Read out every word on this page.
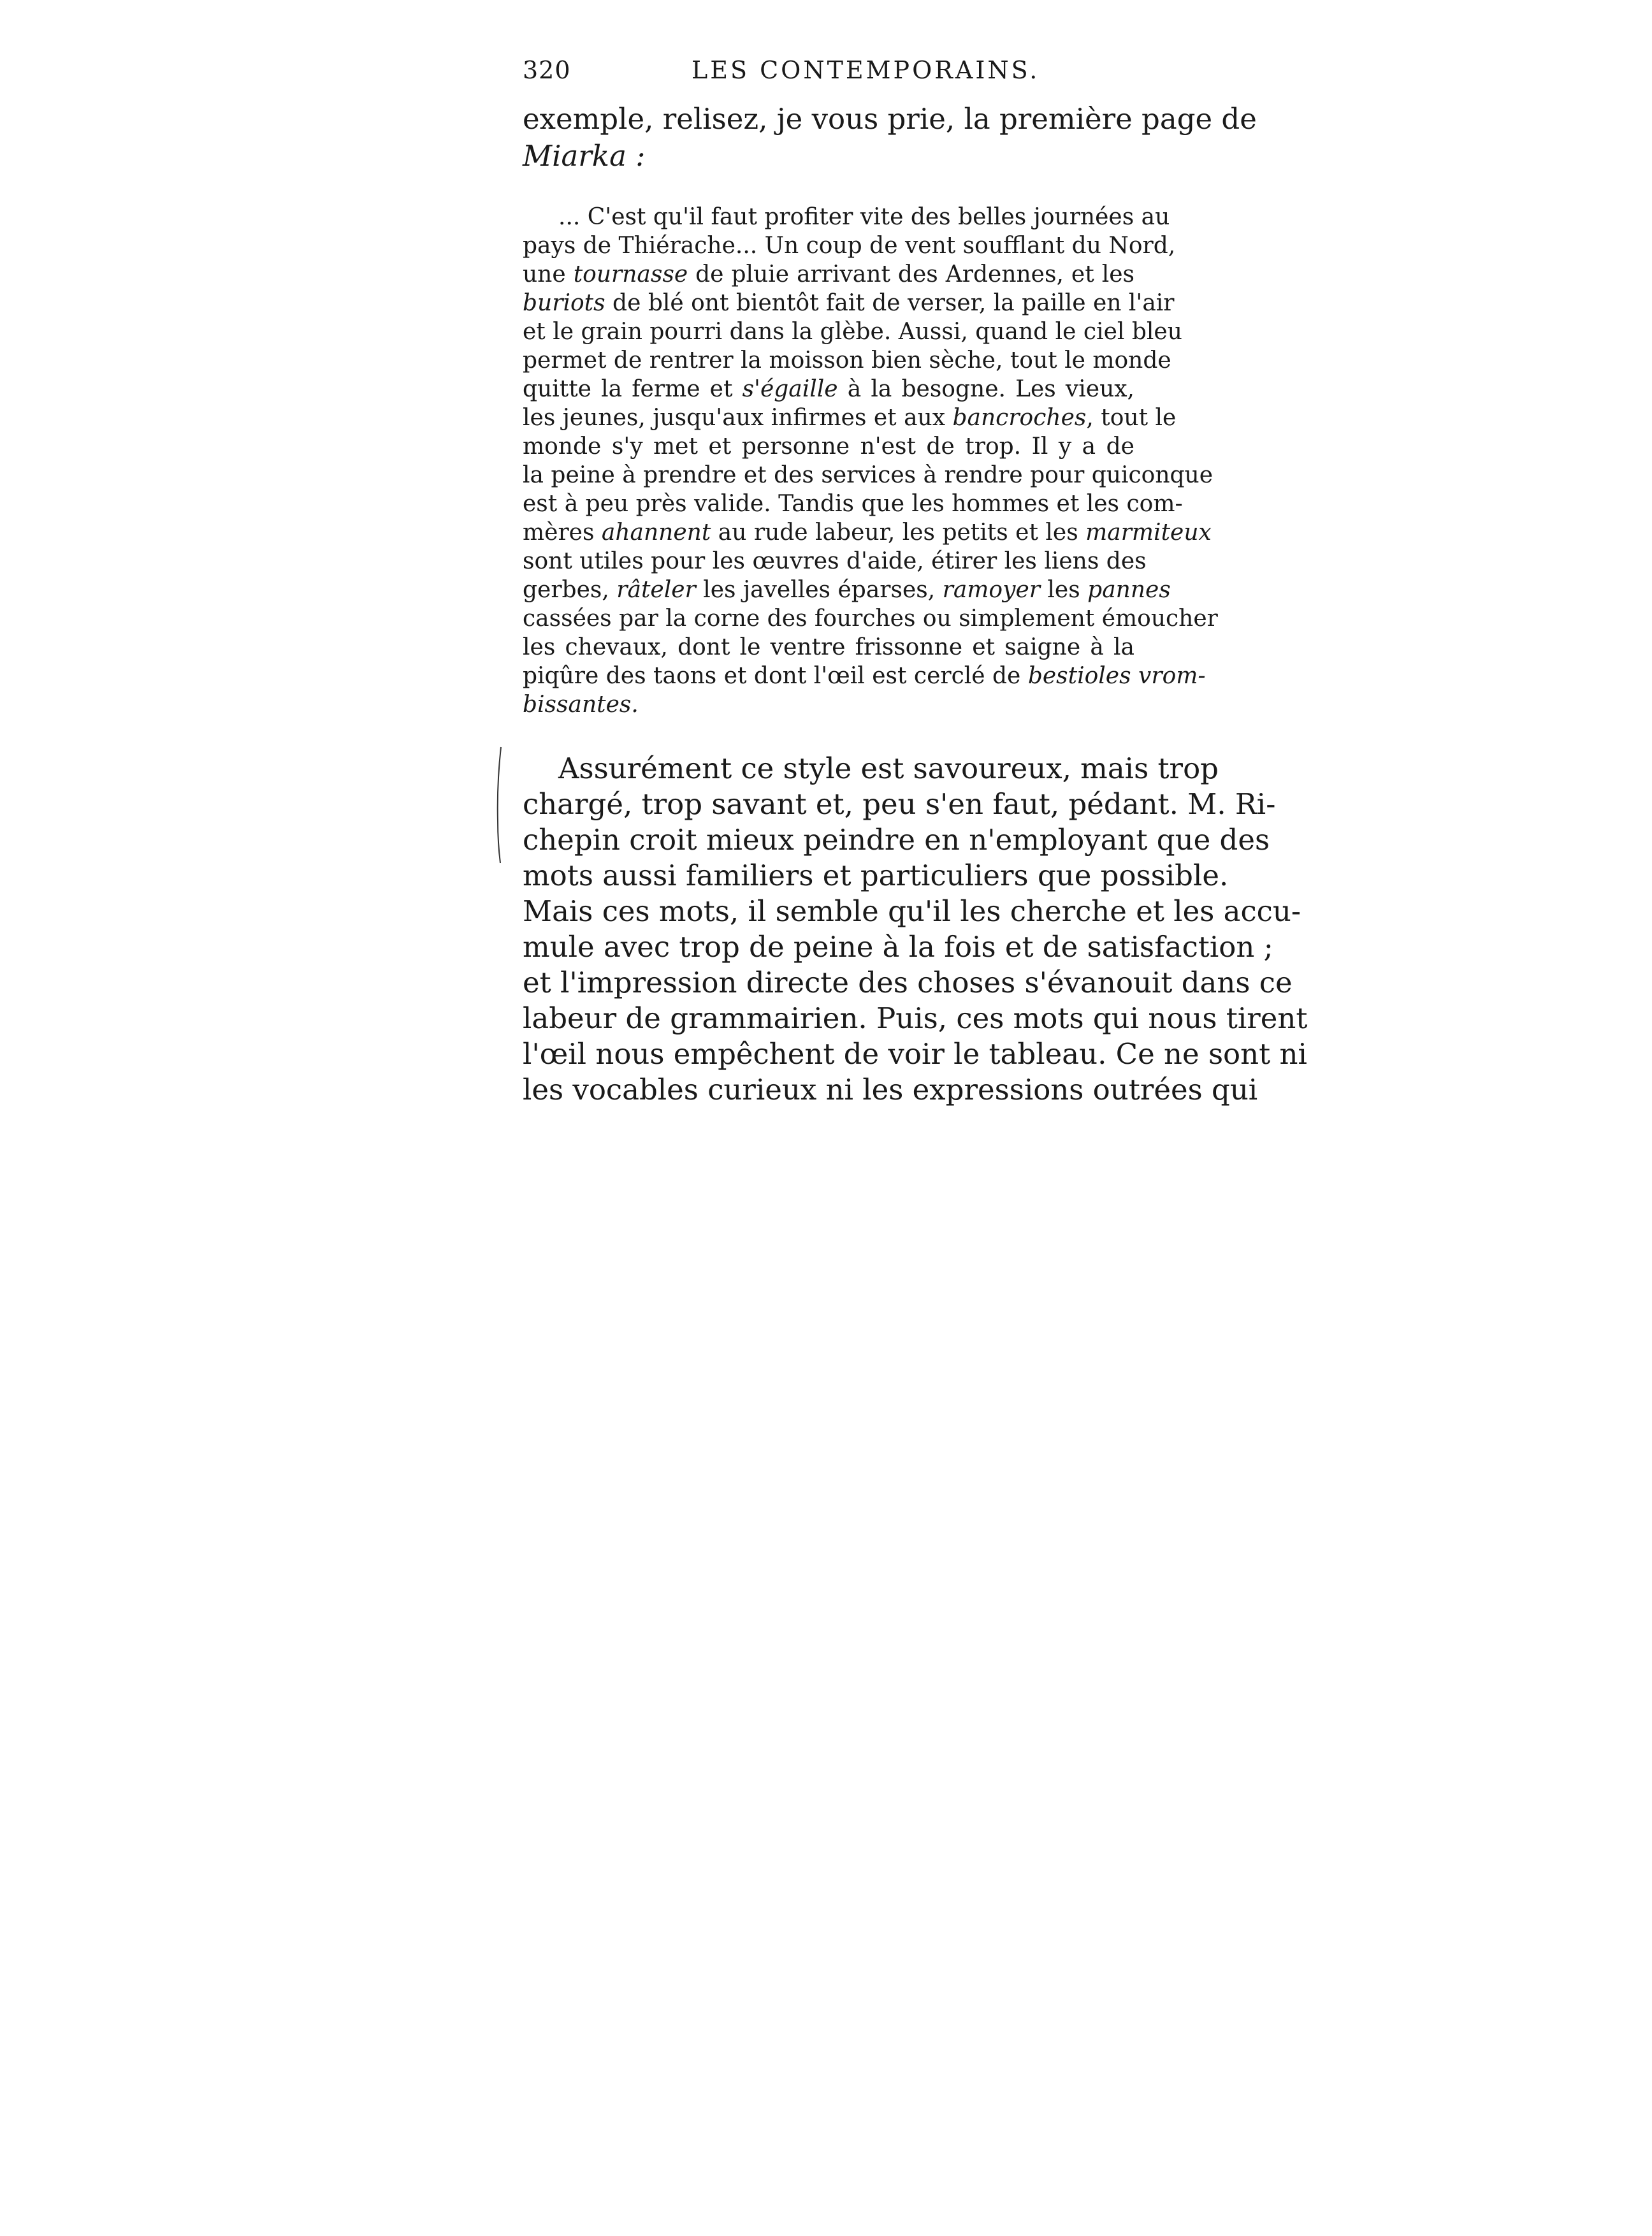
320	LES CONTEMPORAINS.
exemple, relisez, je vous prie, la première page de
Miarka :
... C'est qu'il faut profiter vite des belles journées au
pays de Thiérache... Un coup de vent soufflant du Nord,
une tournasse de pluie arrivant des Ardennes, et les
buriots de blé ont bientôt fait de verser, la paille en l'air
et le grain pourri dans la glèbe. Aussi, quand le ciel bleu
permet de rentrer la moisson bien sèche, tout le monde
quitte la ferme et s'égaille à la besogne. Les vieux,
les jeunes, jusqu'aux infirmes et aux bancroches, tout le
monde s'y met et personne n'est de trop. Il y a de
la peine à prendre et des services à rendre pour quiconque
est à peu près valide. Tandis que les hommes et les com-
mères ahannent au rude labeur, les petits et les marmiteux
sont utiles pour les œuvres d'aide, étirer les liens des
gerbes, râteler les javelles éparses, ramoyer les pannes
cassées par la corne des fourches ou simplement émoucher
les chevaux, dont le ventre frissonne et saigne à la
piqûre des taons et dont l'œil est cerclé de bestioles vrom-
bissantes.
Assurément ce style est savoureux, mais trop
chargé, trop savant et, peu s'en faut, pédant. M. Ri-
chepin croit mieux peindre en n'employant que des
mots aussi familiers et particuliers que possible.
Mais ces mots, il semble qu'il les cherche et les accu-
mule avec trop de peine à la fois et de satisfaction ;
et l'impression directe des choses s'évanouit dans ce
labeur de grammairien. Puis, ces mots qui nous tirent
l'œil nous empêchent de voir le tableau. Ce ne sont ni
les vocables curieux ni les expressions outrées qui
